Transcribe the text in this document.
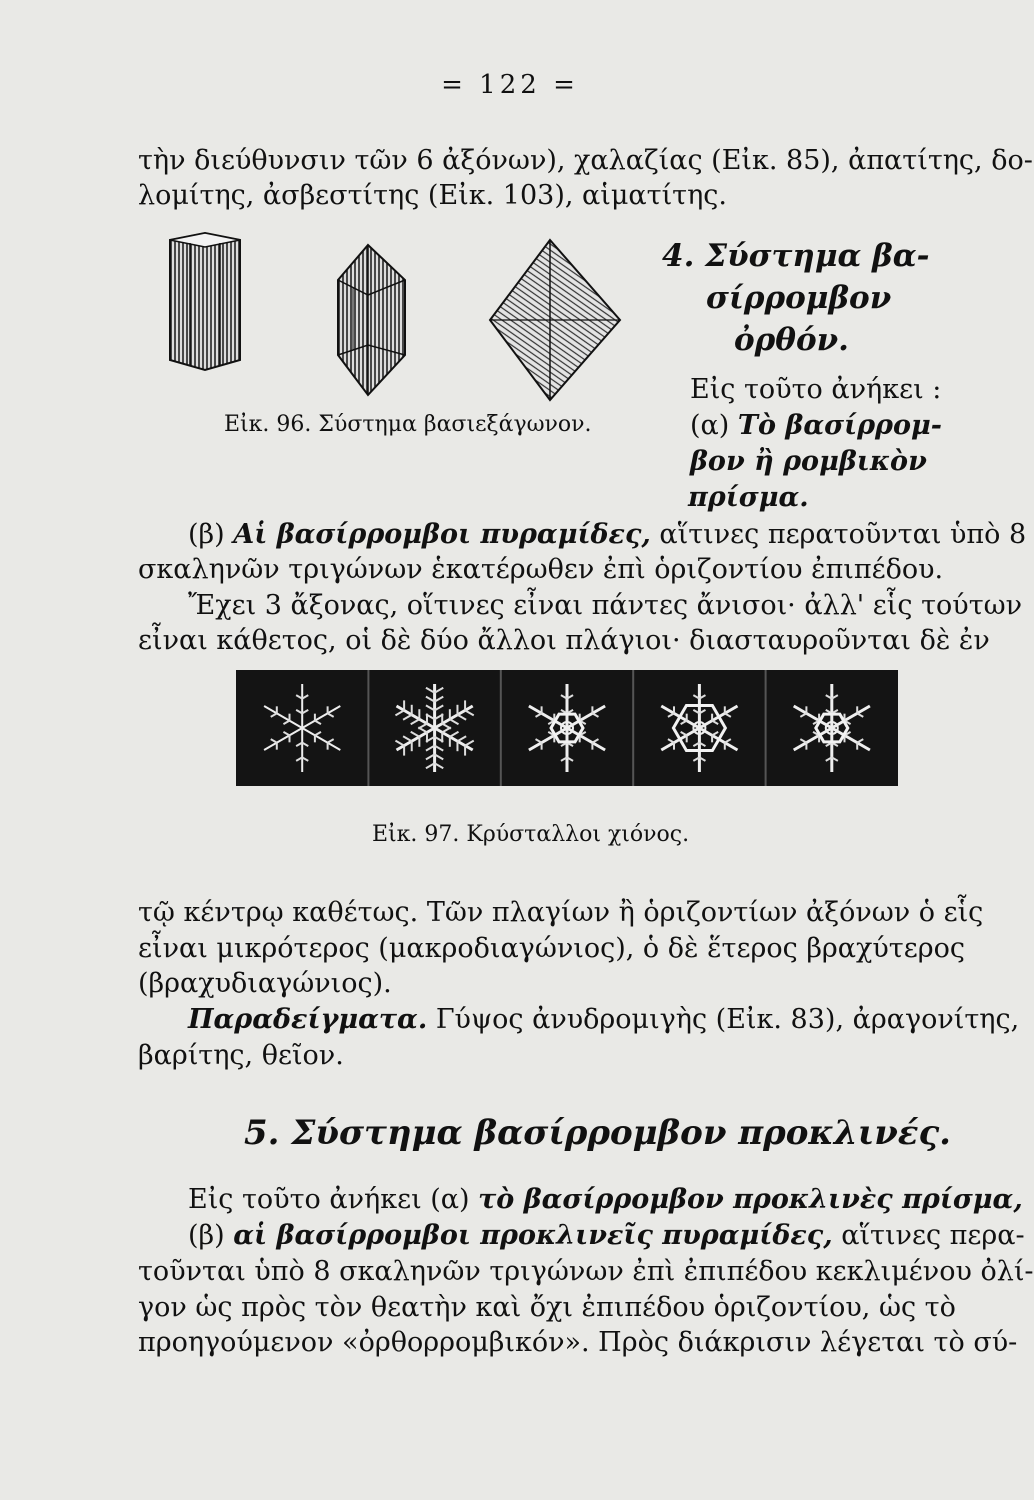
= 122 =
τὴν διεύθυνσιν τῶν 6 ἀξόνων), χαλαζίας (Εἰκ. 85), ἀπατίτης, δο-
λομίτης, ἀσβεστίτης (Εἰκ. 103), αἱματίτης.
Εἰκ. 96. Σύστημα βασιεξάγωνον.
4. Σύστημα βα-
σίρρομβον
ὀρθόν.
Εἰς τοῦτο ἀνήκει :
(α) Τὸ βασίρρομ-
βον ἢ ρομβικὸν
πρίσμα.
(β) Αἱ βασίρρομβοι πυραμίδες, αἵτινες περατοῦνται ὑπὸ 8
σκαληνῶν τριγώνων ἑκατέρωθεν ἐπὶ ὁριζοντίου ἐπιπέδου.
Ἔχει 3 ἄξονας, οἵτινες εἶναι πάντες ἄνισοι· ἀλλ' εἷς τούτων
εἶναι κάθετος, οἱ δὲ δύο ἄλλοι πλάγιοι· διασταυροῦνται δὲ ἐν
Εἰκ. 97. Κρύσταλλοι χιόνος.
τῷ κέντρῳ καθέτως. Τῶν πλαγίων ἢ ὁριζοντίων ἀξόνων ὁ εἷς
εἶναι μικρότερος (μακροδιαγώνιος), ὁ δὲ ἕτερος βραχύτερος
(βραχυδιαγώνιος).
Παραδείγματα. Γύψος ἀνυδρομιγὴς (Εἰκ. 83), ἀραγονίτης,
βαρίτης, θεῖον.
5. Σύστημα βασίρρομβον προκλινές.
Εἰς τοῦτο ἀνήκει (α) τὸ βασίρρομβον προκλινὲς πρίσμα,
(β) αἱ βασίρρομβοι προκλινεῖς πυραμίδες, αἵτινες περα-
τοῦνται ὑπὸ 8 σκαληνῶν τριγώνων ἐπὶ ἐπιπέδου κεκλιμένου ὀλί-
γον ὡς πρὸς τὸν θεατὴν καὶ ὄχι ἐπιπέδου ὁριζοντίου, ὡς τὸ
προηγούμενον «ὀρθορρομβικόν». Πρὸς διάκρισιν λέγεται τὸ σύ-
